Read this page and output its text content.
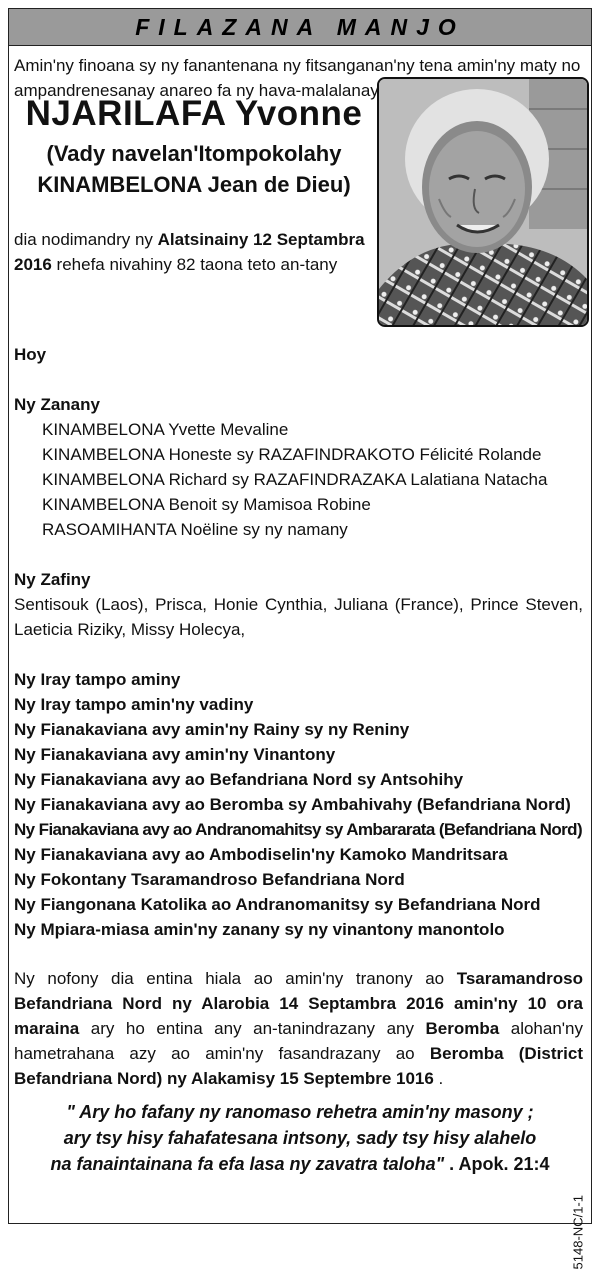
FILAZANA MANJO

Amin'ny finoana sy ny fanantenana ny fitsanganan'ny tena amin'ny maty no ampandrenesanay anareo fa ny hava-malalanay

NJARILAFA Yvonne
(Vady navelan'Itompokolahy
KINAMBELONA Jean de Dieu)
dia nodimandry ny Alatsinainy 12 Septambra 2016 rehefa nivahiny 82 taona teto an-tany
Hoy
Ny Zanany
KINAMBELONA Yvette Mevaline
KINAMBELONA Honeste sy RAZAFINDRAKOTO Félicité Rolande
KINAMBELONA Richard sy RAZAFINDRAZAKA Lalatiana Natacha
KINAMBELONA Benoit sy Mamisoa Robine
RASOAMIHANTA Noëline sy ny namany
Ny Zafiny
Sentisouk (Laos), Prisca, Honie Cynthia, Juliana (France), Prince Steven, Laeticia Riziky, Missy Holecya,
Ny Iray tampo aminy
Ny Iray tampo amin'ny vadiny
Ny Fianakaviana avy amin'ny Rainy sy ny Reniny
Ny Fianakaviana avy amin'ny Vinantony
Ny Fianakaviana avy ao Befandriana Nord sy Antsohihy
Ny Fianakaviana avy ao Beromba sy Ambahivahy (Befandriana Nord)
Ny Fianakaviana avy ao Andranomahitsy sy Ambararata (Befandriana Nord)
Ny Fianakaviana avy ao Ambodiselin'ny Kamoko Mandritsara
Ny Fokontany Tsaramandroso Befandriana Nord
Ny Fiangonana Katolika ao Andranomanitsy sy Befandriana Nord
Ny Mpiara-miasa amin'ny zanany sy ny vinantony manontolo
Ny nofony dia entina hiala ao amin'ny tranony ao Tsaramandroso Befandriana Nord ny Alarobia 14 Septambra 2016 amin'ny 10 ora maraina ary ho entina any an-tanindrazany any Beromba alohan'ny hametrahana azy ao amin'ny fasandrazany ao Beromba (District Befandriana Nord) ny Alakamisy 15 Septembre 1016 .
" Ary ho fafany ny ranomaso rehetra amin'ny masony ;
ary tsy hisy fahafatesana intsony, sady tsy hisy alahelo
na fanaintainana fa efa lasa ny zavatra taloha" . Apok. 21:4
5148-NC/1-1
